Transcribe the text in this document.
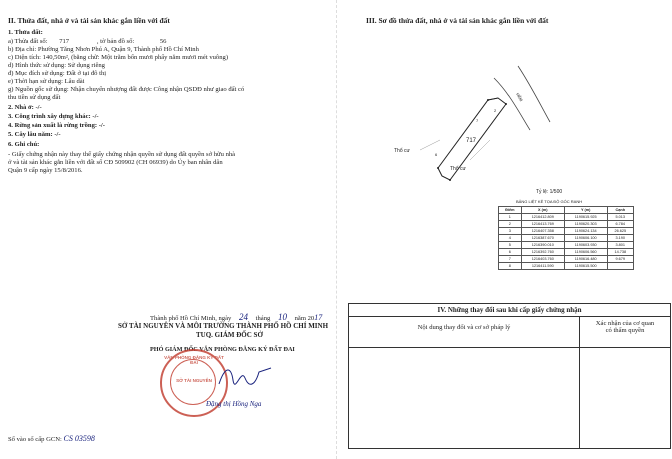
II. Thửa đất, nhà ở và tài sản khác gắn liền với đất
1. Thửa đất:
a) Thửa đất số: 717	, tờ bản đồ số:	56
b) Địa chỉ: Phường Tăng Nhơn Phú A, Quận 9, Thành phố Hồ Chí Minh
c) Diện tích: 140,50m², (bằng chữ: Một trăm bốn mươi phẩy năm mươi mét vuông)
d) Hình thức sử dụng: Sử dụng riêng
đ) Mục đích sử dụng: Đất ở tại đô thị
e) Thời hạn sử dụng: Lâu dài
g) Nguồn gốc sử dụng: Nhận chuyển nhượng đất được Công nhận QSDĐ như giao đất có
thu tiền sử dụng đất
2. Nhà ở: -/-
3. Công trình xây dựng khác: -/-
4. Rừng sản xuất là rừng trồng: -/-
5. Cây lâu năm: -/-
6. Ghi chú:
- Giấy chứng nhận này thay thế giấy chứng nhận quyền sử dụng đất quyền sở hữu nhà
ở và tài sản khác gắn liền với đất số CĐ 509902 (CH 06939) do Ủy ban nhân dân
Quận 9 cấp ngày 15/8/2016.
Thành phố Hồ Chí Minh, ngày 24 tháng 10 năm 2017
SỞ TÀI NGUYÊN VÀ MÔI TRƯỜNG THÀNH PHỐ HỒ CHÍ MINH
TUQ. GIÁM ĐỐC SỞ
PHÓ GIÁM ĐỐC VĂN PHÒNG ĐĂNG KÝ ĐẤT ĐAI
VĂN PHÒNG ĐĂNG KÝ ĐẤT ĐAI
SỞ TÀI NGUYÊN
Đặng thị Hồng Nga
Số vào sổ cấp GCN: CS 03598
III. Sơ đồ thửa đất, nhà ở và tài sản khác gắn liền với đất
717
Thổ cư
Thổ cư
HẺM
6
7
2
Tỷ lệ: 1/500
BẢNG LIỆT KÊ TỌA ĐỘ GÓC RANH
Điểm	X (m)	Y (m)	Cạnh
1	1216412.809	1190615.925	5.013
2	1216413.769	1190620.303	6.784
3	1216407.358	1190624.134	26.625
4	1216387.670	1190606.100	3.190
5	1216390.010	1190603.930	3.801
6	1216392.760	1190606.560	14.738
7	1216403.760	1190616.480	9.679
8	1216411.590	1190615.500	
IV. Những thay đổi sau khi cấp giấy chứng nhận
Nội dung thay đổi và cơ sở pháp lý
Xác nhận của cơ quan
có thẩm quyền
